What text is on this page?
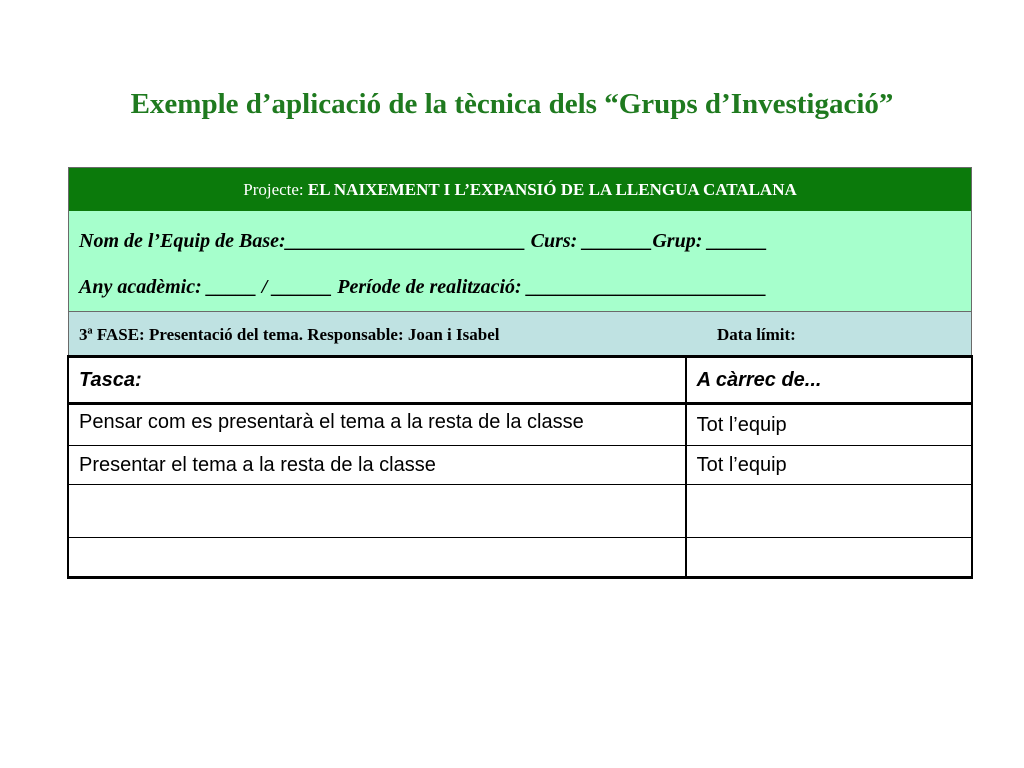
Exemple d’aplicació de la tècnica dels “Grups d’Investigació”
Projecte:
EL NAIXEMENT I L’EXPANSIÓ DE LA LLENGUA CATALANA
Nom de l’Equip de Base:________________________ Curs: _______Grup: ______
Any acadèmic: _____ / ______ Període de realització: ________________________
3ª FASE: Presentació del tema. Responsable: Joan i Isabel	Data límit:
Tasca:	A càrrec de...

Pensar com es presentarà el tema a la resta de la classe	Tot l’equip
Presentar el tema a la resta de la classe	Tot l’equip
